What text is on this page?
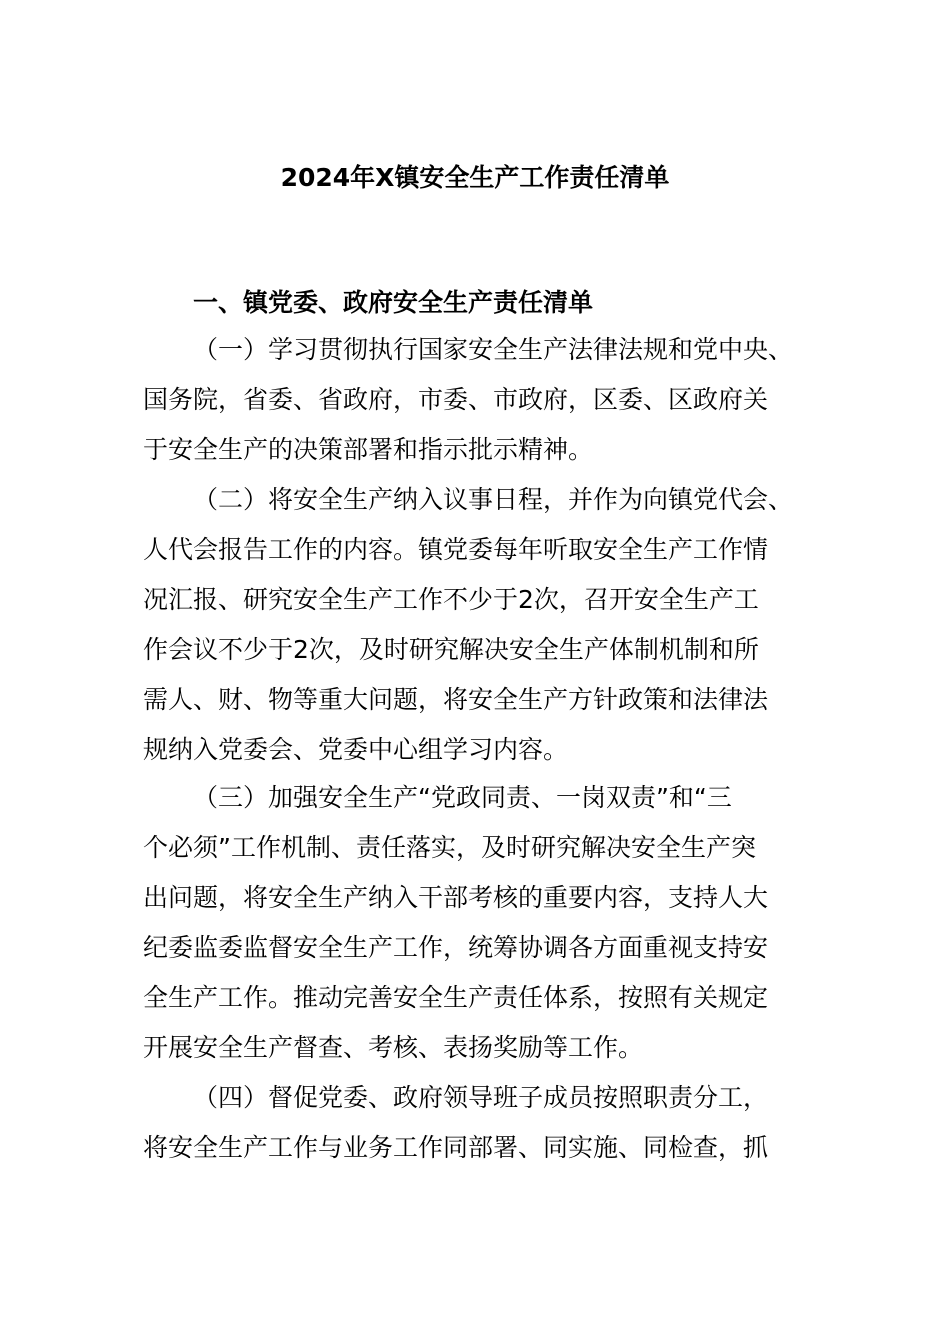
2024年X镇安全生产工作责任清单
一、镇党委、政府安全生产责任清单
（一）学习贯彻执行国家安全生产法律法规和党中央、
国务院，省委、省政府，市委、市政府，区委、区政府关
于安全生产的决策部署和指示批示精神。
（二）将安全生产纳入议事日程，并作为向镇党代会、
人代会报告工作的内容。镇党委每年听取安全生产工作情
况汇报、研究安全生产工作不少于2次，召开安全生产工
作会议不少于2次，及时研究解决安全生产体制机制和所
需人、财、物等重大问题，将安全生产方针政策和法律法
规纳入党委会、党委中心组学习内容。
（三）加强安全生产“党政同责、一岗双责”和“三
个必须”工作机制、责任落实，及时研究解决安全生产突
出问题，将安全生产纳入干部考核的重要内容，支持人大
纪委监委监督安全生产工作，统筹协调各方面重视支持安
全生产工作。推动完善安全生产责任体系，按照有关规定
开展安全生产督查、考核、表扬奖励等工作。
（四）督促党委、政府领导班子成员按照职责分工，
将安全生产工作与业务工作同部署、同实施、同检查，抓
